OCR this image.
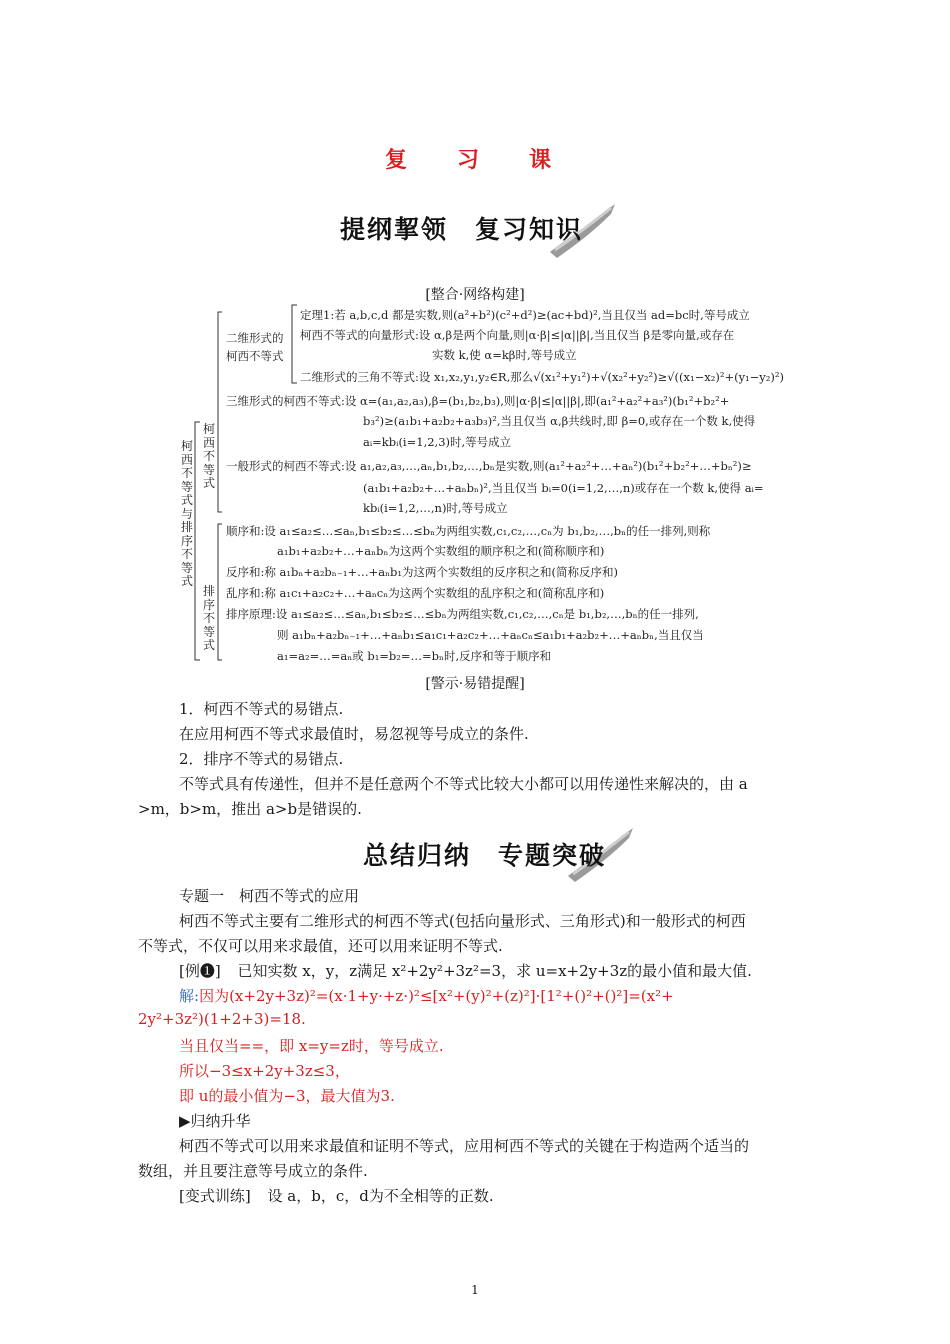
复　习　课
提纲挈领　复习知识
[整合·网络构建]
柯西不等式与排序不等式
柯西不等式
排序不等式
二维形式的
柯西不等式
定理1:若 a,b,c,d 都是实数,则(a²+b²)(c²+d²)≥(ac+bd)²,当且仅当 ad=bc时,等号成立
柯西不等式的向量形式:设 α,β是两个向量,则|α·β|≤|α||β|,当且仅当 β是零向量,或存在
实数 k,使 α=kβ时,等号成立
二维形式的三角不等式:设 x₁,x₂,y₁,y₂∈R,那么√(x₁²+y₁²)+√(x₂²+y₂²)≥√((x₁−x₂)²+(y₁−y₂)²)
三维形式的柯西不等式:设 α=(a₁,a₂,a₃),β=(b₁,b₂,b₃),则|α·β|≤|α||β|,即(a₁²+a₂²+a₃²)(b₁²+b₂²+
b₃²)≥(a₁b₁+a₂b₂+a₃b₃)²,当且仅当 α,β共线时,即 β=0,或存在一个数 k,使得
aᵢ=kbᵢ(i=1,2,3)时,等号成立
一般形式的柯西不等式:设 a₁,a₂,a₃,…,aₙ,b₁,b₂,…,bₙ是实数,则(a₁²+a₂²+…+aₙ²)(b₁²+b₂²+…+bₙ²)≥
(a₁b₁+a₂b₂+…+aₙbₙ)²,当且仅当 bᵢ=0(i=1,2,…,n)或存在一个数 k,使得 aᵢ=
kbᵢ(i=1,2,…,n)时,等号成立
顺序和:设 a₁≤a₂≤…≤aₙ,b₁≤b₂≤…≤bₙ为两组实数,c₁,c₂,…,cₙ为 b₁,b₂,…,bₙ的任一排列,则称
a₁b₁+a₂b₂+…+aₙbₙ为这两个实数组的顺序积之和(简称顺序和)
反序和:称 a₁bₙ+a₂bₙ₋₁+…+aₙb₁为这两个实数组的反序积之和(简称反序和)
乱序和:称 a₁c₁+a₂c₂+…+aₙcₙ为这两个实数组的乱序积之和(简称乱序和)
排序原理:设 a₁≤a₂≤…≤aₙ,b₁≤b₂≤…≤bₙ为两组实数,c₁,c₂,…,cₙ是 b₁,b₂,…,bₙ的任一排列,
则 a₁bₙ+a₂bₙ₋₁+…+aₙb₁≤a₁c₁+a₂c₂+…+aₙcₙ≤a₁b₁+a₂b₂+…+aₙbₙ,当且仅当
a₁=a₂=…=aₙ或 b₁=b₂=…=bₙ时,反序和等于顺序和
[警示·易错提醒]
1．柯西不等式的易错点.
在应用柯西不等式求最值时，易忽视等号成立的条件.
2．排序不等式的易错点.
不等式具有传递性，但并不是任意两个不等式比较大小都可以用传递性来解决的，由 a
>m，b>m，推出 a>b是错误的.
总结归纳　专题突破
专题一　柯西不等式的应用
柯西不等式主要有二维形式的柯西不等式(包括向量形式、三角形式)和一般形式的柯西
不等式，不仅可以用来求最值，还可以用来证明不等式.
[例❶] 已知实数 x，y，z满足 x²+2y²+3z²=3，求 u=x+2y+3z的最小值和最大值.
解:因为(x+2y+3z)²=(x·1+y·+z·)²≤[x²+(y)²+(z)²]·[1²+()²+()²]=(x²+
2y²+3z²)(1+2+3)=18.
当且仅当==，即 x=y=z时，等号成立.
所以−3≤x+2y+3z≤3，
即 u的最小值为−3，最大值为3.
▶归纳升华
柯西不等式可以用来求最值和证明不等式，应用柯西不等式的关键在于构造两个适当的
数组，并且要注意等号成立的条件.
[变式训练] 设 a，b，c，d为不全相等的正数.
1
